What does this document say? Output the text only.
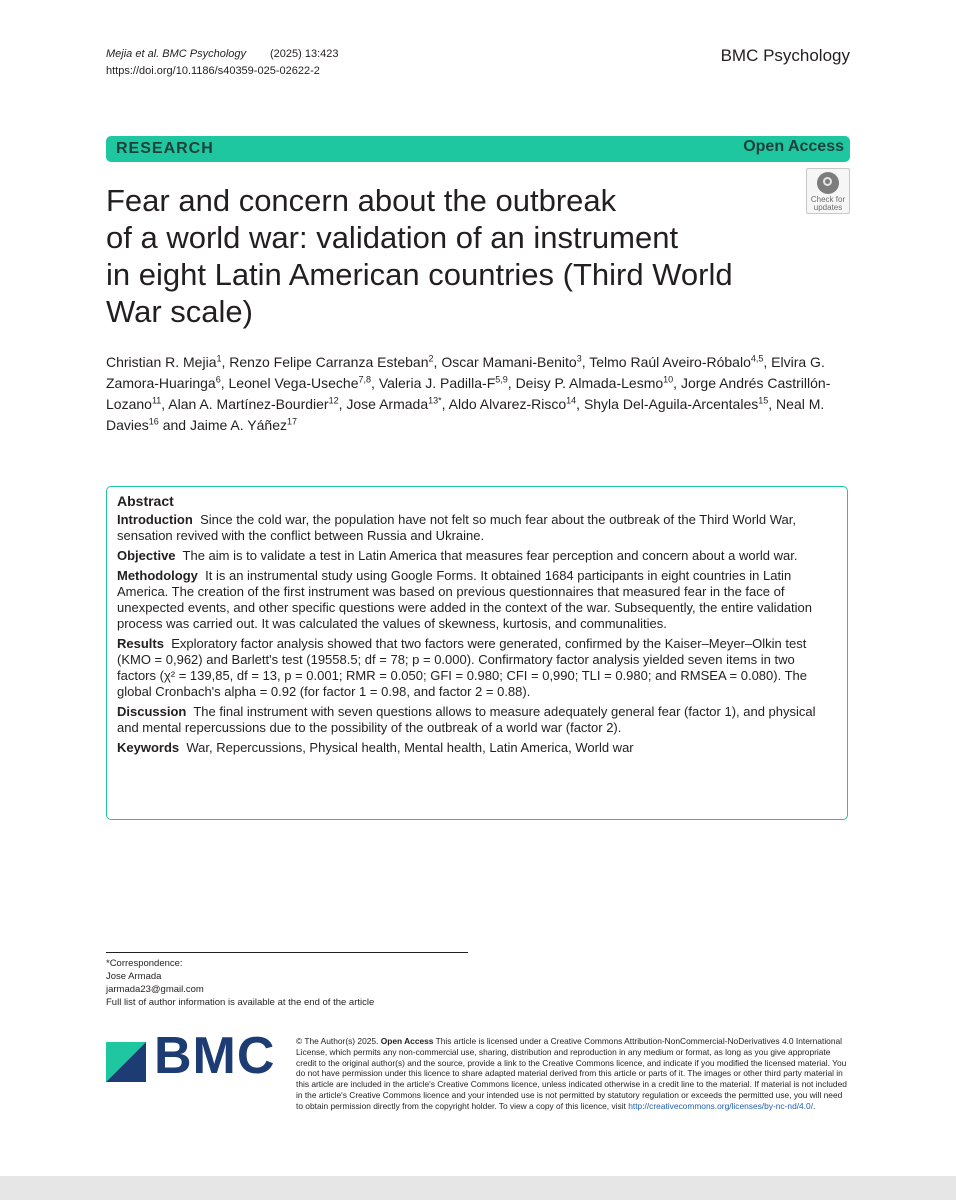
Mejia et al. BMC Psychology (2025) 13:423
https://doi.org/10.1186/s40359-025-02622-2
BMC Psychology
RESEARCH	Open Access
Check for
updates
Fear and concern about the outbreak
of a world war: validation of an instrument
in eight Latin American countries (Third World
War scale)
Christian R. Mejia$^1$, Renzo Felipe Carranza Esteban$^2$, Oscar Mamani-Benito$^3$, Telmo Raúl Aveiro-Róbalo$^{4,5}$, Elvira G. Zamora-Huaringa$^6$, Leonel Vega-Useche$^{7,8}$, Valeria J. Padilla-$F^{5,9}$, Deisy P. Almada-Lesmo$^{10}$, Jorge Andrés Castrillón-Lozano$^{11}$, Alan A. Martínez-Bourdier$^{12}$, Jose Armada$^{13*}$, Aldo Alvarez-Risco$^{14}$, Shyla Del-Aguila-Arcentales$^{15}$, Neal M. Davies$^{16}$ and Jaime A. Yáñez$^{17}$
Abstract

Introduction Since the cold war, the population have not felt so much fear about the outbreak of the Third World War, sensation revived with the conflict between Russia and Ukraine.

Objective The aim is to validate a test in Latin America that measures fear perception and concern about a world war.

Methodology It is an instrumental study using Google Forms. It obtained 1684 participants in eight countries in Latin America. The creation of the first instrument was based on previous questionnaires that measured fear in the face of unexpected events, and other specific questions were added in the context of the war. Subsequently, the entire validation process was carried out. It was calculated the values of skewness, kurtosis, and communalities.

Results Exploratory factor analysis showed that two factors were generated, confirmed by the Kaiser–Meyer–Olkin test (KMO = 0,962) and Barlett's test (19558.5; df = 78; p = 0.000). Confirmatory factor analysis yielded seven items in two factors (χ² = 139,85, df = 13, p = 0.001; RMR = 0.050; GFI = 0.980; CFI = 0,990; TLI = 0.980; and RMSEA = 0.080). The global Cronbach's alpha = 0.92 (for factor 1 = 0.98, and factor 2 = 0.88).

Discussion The final instrument with seven questions allows to measure adequately general fear (factor 1), and physical and mental repercussions due to the possibility of the outbreak of a world war (factor 2).

Keywords War, Repercussions, Physical health, Mental health, Latin America, World war

*Correspondence:
Jose Armada
jarmada23@gmail.com
Full list of author information is available at the end of the article
BMC © The Author(s) 2025. Open Access This article is licensed under a Creative Commons Attribution-NonCommercial-NoDerivatives 4.0 International License, which permits any non-commercial use, sharing, distribution and reproduction in any medium or format, as long as you give appropriate credit to the original author(s) and the source, provide a link to the Creative Commons licence, and indicate if you modified the licensed material. You do not have permission under this licence to share adapted material derived from this article or parts of it. The images or other third party material in this article are included in the article's Creative Commons licence, unless indicated otherwise in a credit line to the material. If material is not included in the article's Creative Commons licence and your intended use is not permitted by statutory regulation or exceeds the permitted use, you will need to obtain permission directly from the copyright holder. To view a copy of this licence, visit http://creativecommons.org/licenses/by-nc-nd/4.0/.
